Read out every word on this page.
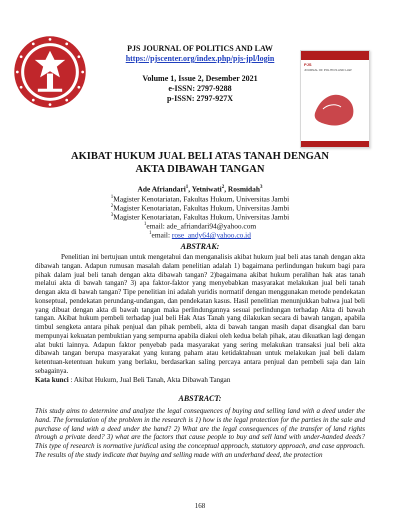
PJS
JOURNAL OF POLITICS AND LAW
PJS JOURNAL OF POLITICS AND LAW
https://pjscenter.org/index.php/pjs-jpl/login
Volume 1, Issue 2, Desember 2021
e-ISSN: 2797-9288
p-ISSN: 2797-927X
AKIBAT HUKUM JUAL BELI ATAS TANAH DENGAN
AKTA DIBAWAH TANGAN
Ade Afriandari$^1$, Yetniwati$^2$, Rosmidah$^3$
$^1$Magister Kenotariatan, Fakultas Hukum, Universitas Jambi
$^2$Magister Kenotariatan, Fakultas Hukum, Universitas Jambi
$^3$Magister Kenotariatan, Fakultas Hukum, Universitas Jambi
$^1$email: ade_afriandari94@yahoo.com
$^1$email: rose_andy64@yahoo.co.id
ABSTRAK:

Penelitian ini bertujuan untuk mengetahui dan menganalisis akibat hukum jual beli atas tanah dengan akta dibawah tangan. Adapun rumusan masalah dalam penelitian adalah 1) bagaimana perlindungan hukum bagi para pihak dalam jual beli tanah dengan akta dibawah tangan? 2)bagaimana akibat hukum peralihan hak atas tanah melalui akta di bawah tangan? 3) apa faktor-faktor yang menyebabkan masyarakat melakukan jual beli tanah dengan akta di bawah tangan? Tipe penelitian ini adalah yuridis normatif dengan menggunakan metode pendekatan konseptual, pendekatan perundang-undangan, dan pendekatan kasus. Hasil penelitian menunjukkan bahwa jual beli yang dibuat dengan akta di bawah tangan maka perlindungannya sesuai perlindungan terhadap Akta di bawah tangan. Akibat hukum pembeli terhadap jual beli Hak Atas Tanah yang dilakukan secara di bawah tangan, apabila timbul sengketa antara pihak penjual dan pihak pembeli, akta di bawah tangan masih dapat disangkal dan baru mempunyai kekuatan pembuktian yang sempurna apabila diakui oleh kedua belah pihak, atau dikuatkan lagi dengan alat bukti lainnya. Adapun faktor penyebab pada masyarakat yang sering melakukan transaksi jual beli akta dibawah tangan berupa masyarakat yang kurang paham atau ketidaktahuan untuk melakukan jual beli dalam ketentuan-ketentuan hukum yang berlaku, berdasarkan saling percaya antara penjual dan pembeli saja dan lain sebagainya.

Kata kunci : Akibat Hukum, Jual Beli Tanah, Akta Dibawah Tangan

ABSTRACT:

This study aims to determine and analyze the legal consequences of buying and selling land with a deed under the hand. The formulation of the problem in the research is 1) how is the legal protection for the parties in the sale and purchase of land with a deed under the hand? 2) What are the legal consequences of the transfer of land rights through a private deed? 3) what are the factors that cause people to buy and sell land with under-handed deeds? This type of research is normative juridical using the conceptual approach, statutory approach, and case approach. The results of the study indicate that buying and selling made with an underhand deed, the protection

168
